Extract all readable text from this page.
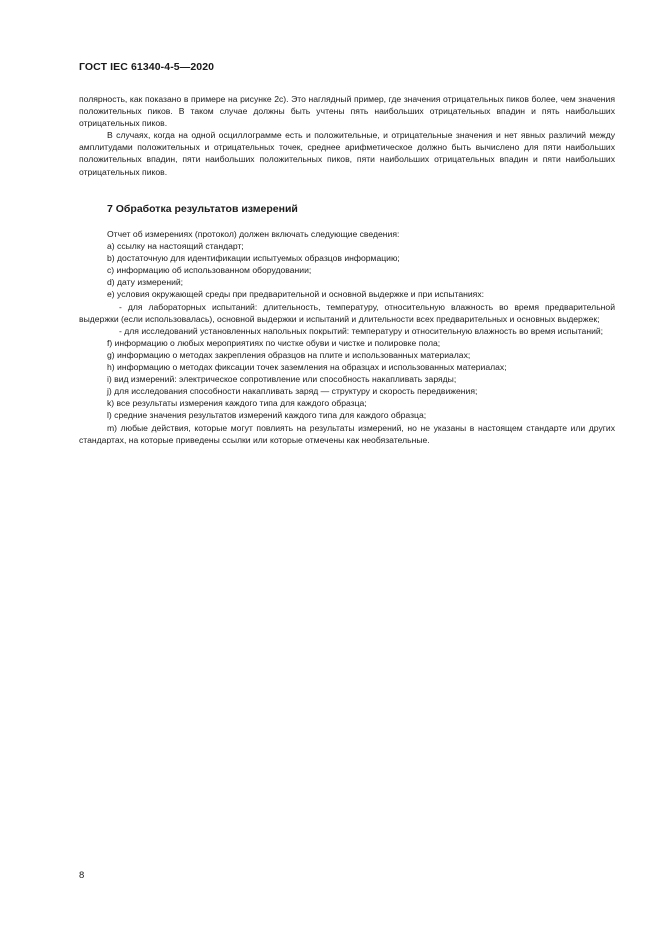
ГОСТ IEC 61340-4-5—2020

полярность, как показано в примере на рисунке 2с). Это наглядный пример, где значения отрицательных пиков более, чем значения положительных пиков. В таком случае должны быть учтены пять наибольших отрицательных впадин и пять наибольших отрицательных пиков.

В случаях, когда на одной осциллограмме есть и положительные, и отрицательные значения и нет явных различий между амплитудами положительных и отрицательных точек, среднее арифметическое должно быть вычислено для пяти наибольших положительных впадин, пяти наибольших положительных пиков, пяти наибольших отрицательных впадин и пяти наибольших отрицательных пиков.

7 Обработка результатов измерений

Отчет об измерениях (протокол) должен включать следующие сведения:

a) ссылку на настоящий стандарт;

b) достаточную для идентификации испытуемых образцов информацию;

c) информацию об использованном оборудовании;

d) дату измерений;

e) условия окружающей среды при предварительной и основной выдержке и при испытаниях:

- для лабораторных испытаний: длительность, температуру, относительную влажность во время предварительной выдержки (если использовалась), основной выдержки и испытаний и длительности всех предварительных и основных выдержек;

- для исследований установленных напольных покрытий: температуру и относительную влажность во время испытаний;

f) информацию о любых мероприятиях по чистке обуви и чистке и полировке пола;

g) информацию о методах закрепления образцов на плите и использованных материалах;

h) информацию о методах фиксации точек заземления на образцах и использованных материалах;

i) вид измерений: электрическое сопротивление или способность накапливать заряды;

j) для исследования способности накапливать заряд — структуру и скорость передвижения;

k) все результаты измерения каждого типа для каждого образца;

l) средние значения результатов измерений каждого типа для каждого образца;

m) любые действия, которые могут повлиять на результаты измерений, но не указаны в настоящем стандарте или других стандартах, на которые приведены ссылки или которые отмечены как необязательные.

8
